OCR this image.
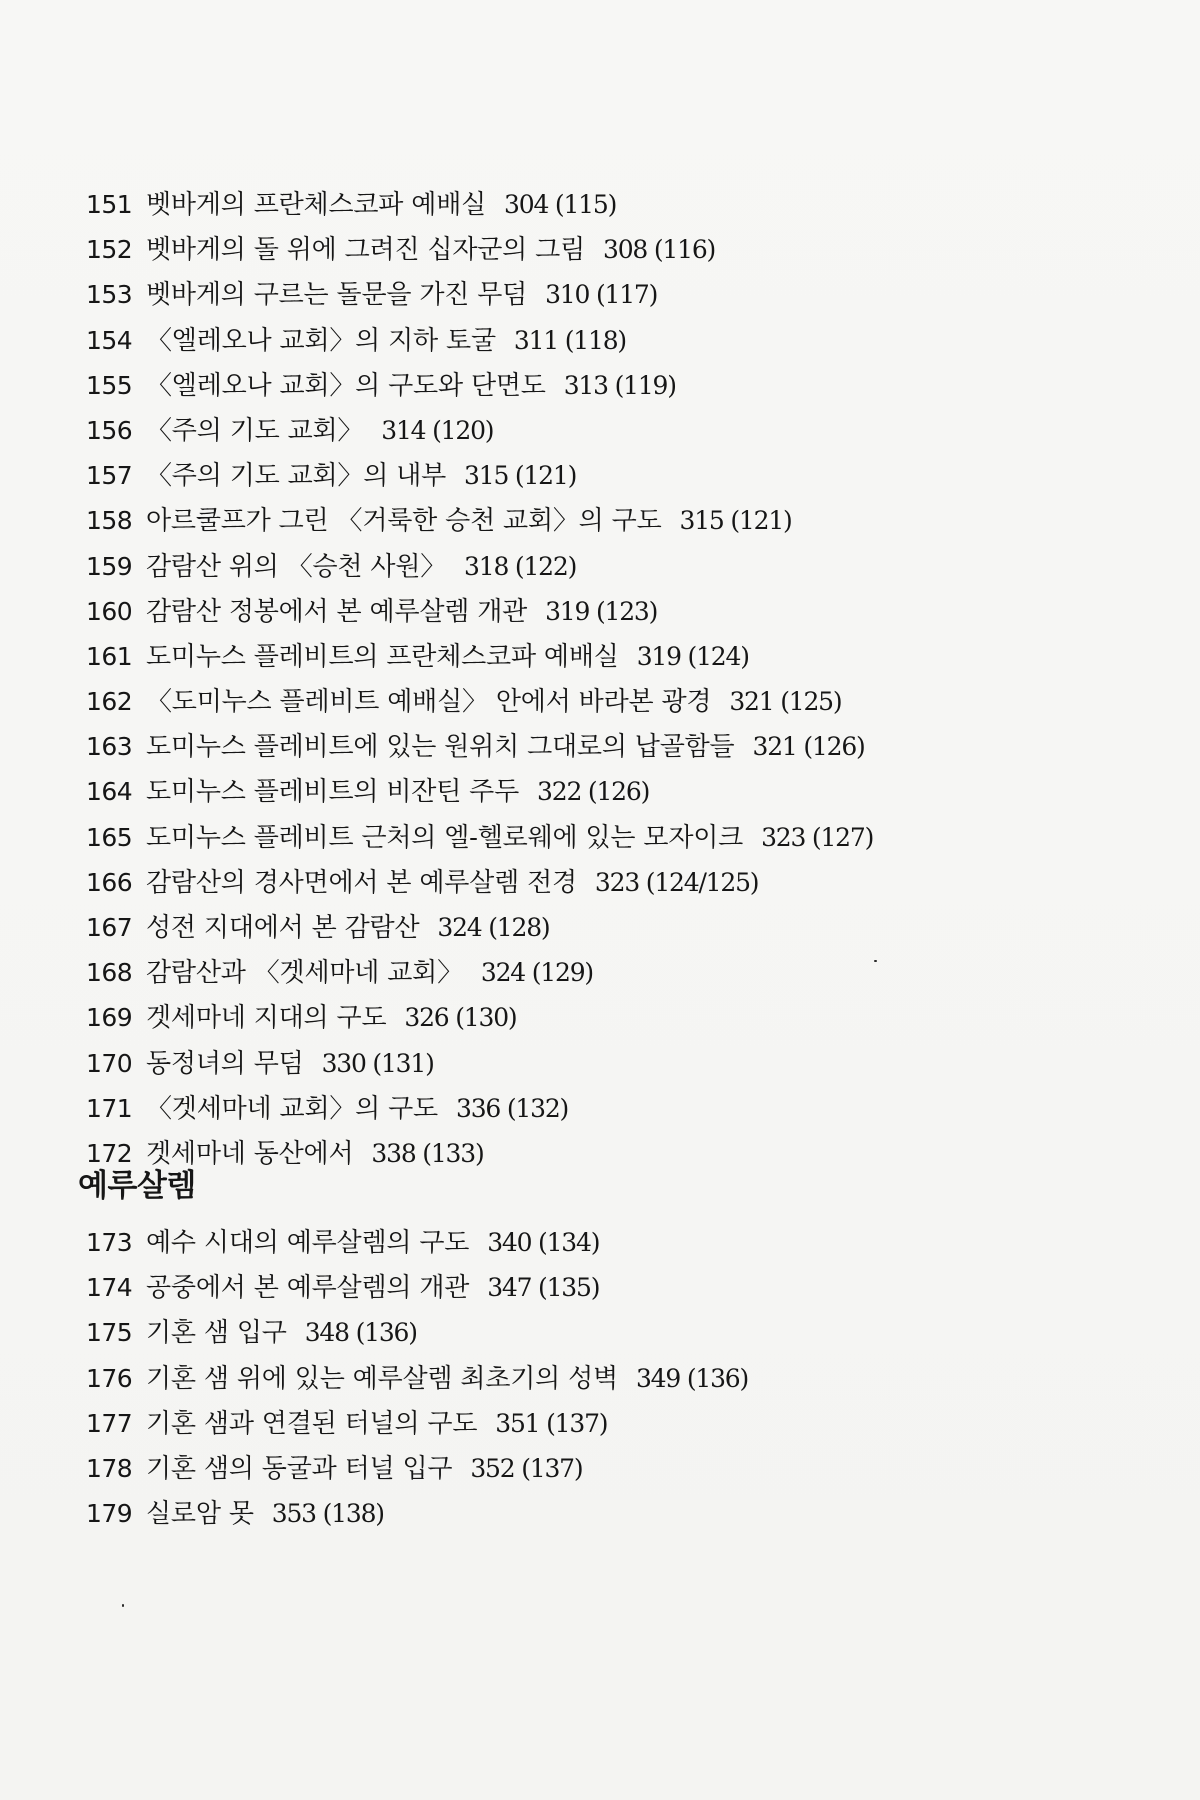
151 벳바게의 프란체스코파 예배실 304 (115)
152 벳바게의 돌 위에 그려진 십자군의 그림 308 (116)
153 벳바게의 구르는 돌문을 가진 무덤 310 (117)
154 〈엘레오나 교회〉의 지하 토굴 311 (118)
155 〈엘레오나 교회〉의 구도와 단면도 313 (119)
156 〈주의 기도 교회〉 314 (120)
157 〈주의 기도 교회〉의 내부 315 (121)
158 아르쿨프가 그린 〈거룩한 승천 교회〉의 구도 315 (121)
159 감람산 위의 〈승천 사원〉 318 (122)
160 감람산 정봉에서 본 예루살렘 개관 319 (123)
161 도미누스 플레비트의 프란체스코파 예배실 319 (124)
162 〈도미누스 플레비트 예배실〉 안에서 바라본 광경 321 (125)
163 도미누스 플레비트에 있는 원위치 그대로의 납골함들 321 (126)
164 도미누스 플레비트의 비잔틴 주두 322 (126)
165 도미누스 플레비트 근처의 엘-헬로웨에 있는 모자이크 323 (127)
166 감람산의 경사면에서 본 예루살렘 전경 323 (124/125)
167 성전 지대에서 본 감람산 324 (128)
168 감람산과 〈겟세마네 교회〉 324 (129)
169 겟세마네 지대의 구도 326 (130)
170 동정녀의 무덤 330 (131)
171 〈겟세마네 교회〉의 구도 336 (132)
172 겟세마네 동산에서 338 (133)
예루살렘
173 예수 시대의 예루살렘의 구도 340 (134)
174 공중에서 본 예루살렘의 개관 347 (135)
175 기혼 샘 입구 348 (136)
176 기혼 샘 위에 있는 예루살렘 최초기의 성벽 349 (136)
177 기혼 샘과 연결된 터널의 구도 351 (137)
178 기혼 샘의 동굴과 터널 입구 352 (137)
179 실로암 못 353 (138)
